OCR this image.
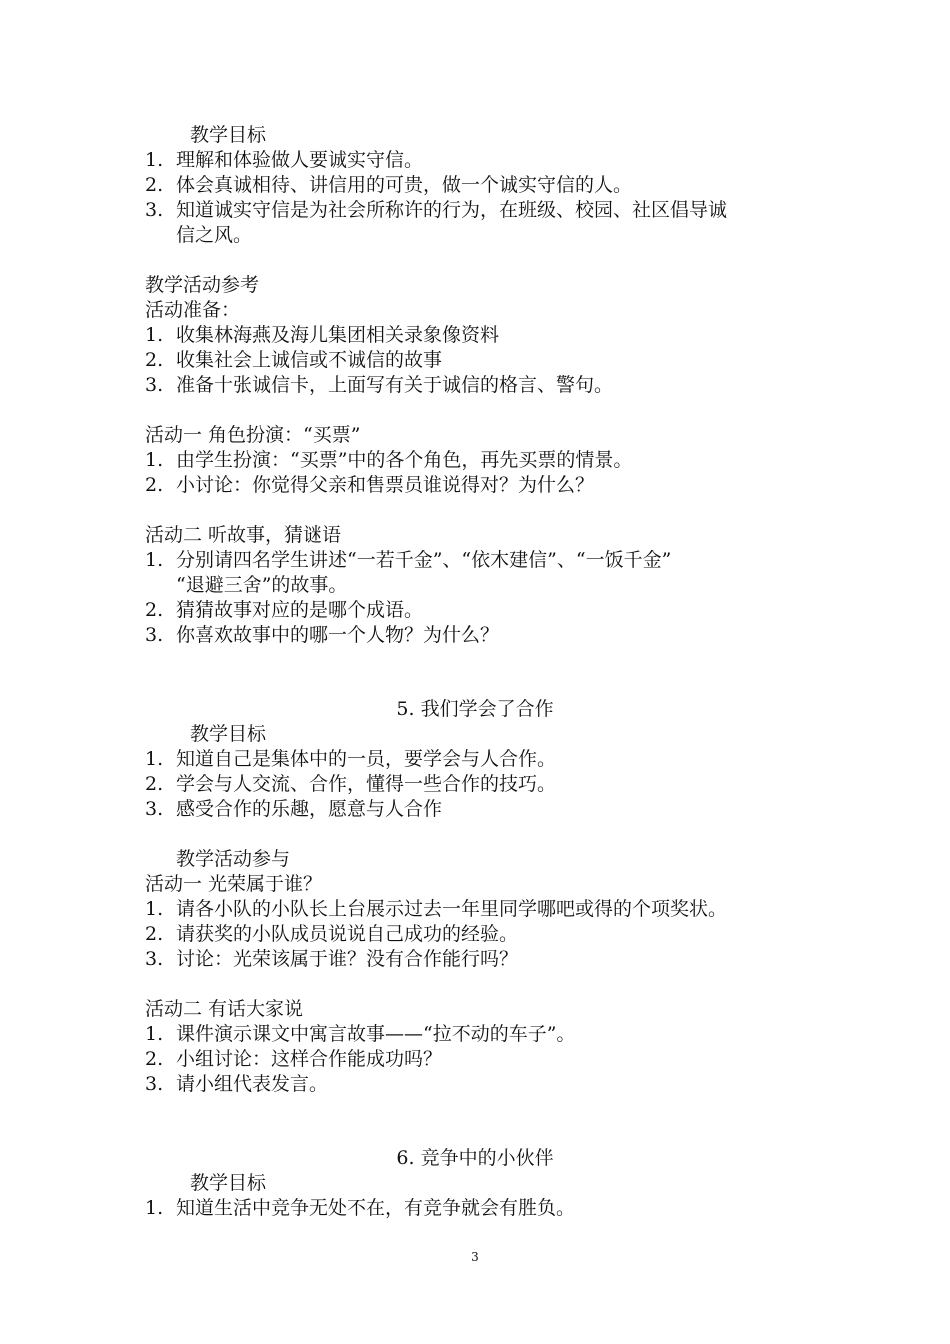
教学目标
1. 理解和体验做人要诚实守信。
2. 体会真诚相待、讲信用的可贵，做一个诚实守信的人。
3. 知道诚实守信是为社会所称许的行为，在班级、校园、社区倡导诚
信之风。
教学活动参考
活动准备：
1. 收集林海燕及海儿集团相关录象像资料
2. 收集社会上诚信或不诚信的故事
3. 准备十张诚信卡，上面写有关于诚信的格言、警句。
活动一 角色扮演：“买票”
1. 由学生扮演：“买票”中的各个角色，再先买票的情景。
2. 小讨论：你觉得父亲和售票员谁说得对？为什么？
活动二 听故事，猜谜语
1. 分别请四名学生讲述“一若千金”、“依木建信”、“一饭千金”
“退避三舍”的故事。
2. 猜猜故事对应的是哪个成语。
3. 你喜欢故事中的哪一个人物？为什么？
5. 我们学会了合作
教学目标
1. 知道自己是集体中的一员，要学会与人合作。
2. 学会与人交流、合作，懂得一些合作的技巧。
3. 感受合作的乐趣，愿意与人合作
教学活动参与
活动一 光荣属于谁？
1. 请各小队的小队长上台展示过去一年里同学哪吧或得的个项奖状。
2. 请获奖的小队成员说说自己成功的经验。
3. 讨论：光荣该属于谁？没有合作能行吗？
活动二 有话大家说
1. 课件演示课文中寓言故事——“拉不动的车子”。
2. 小组讨论：这样合作能成功吗？
3. 请小组代表发言。
6. 竞争中的小伙伴
教学目标
1. 知道生活中竞争无处不在，有竞争就会有胜负。
3
